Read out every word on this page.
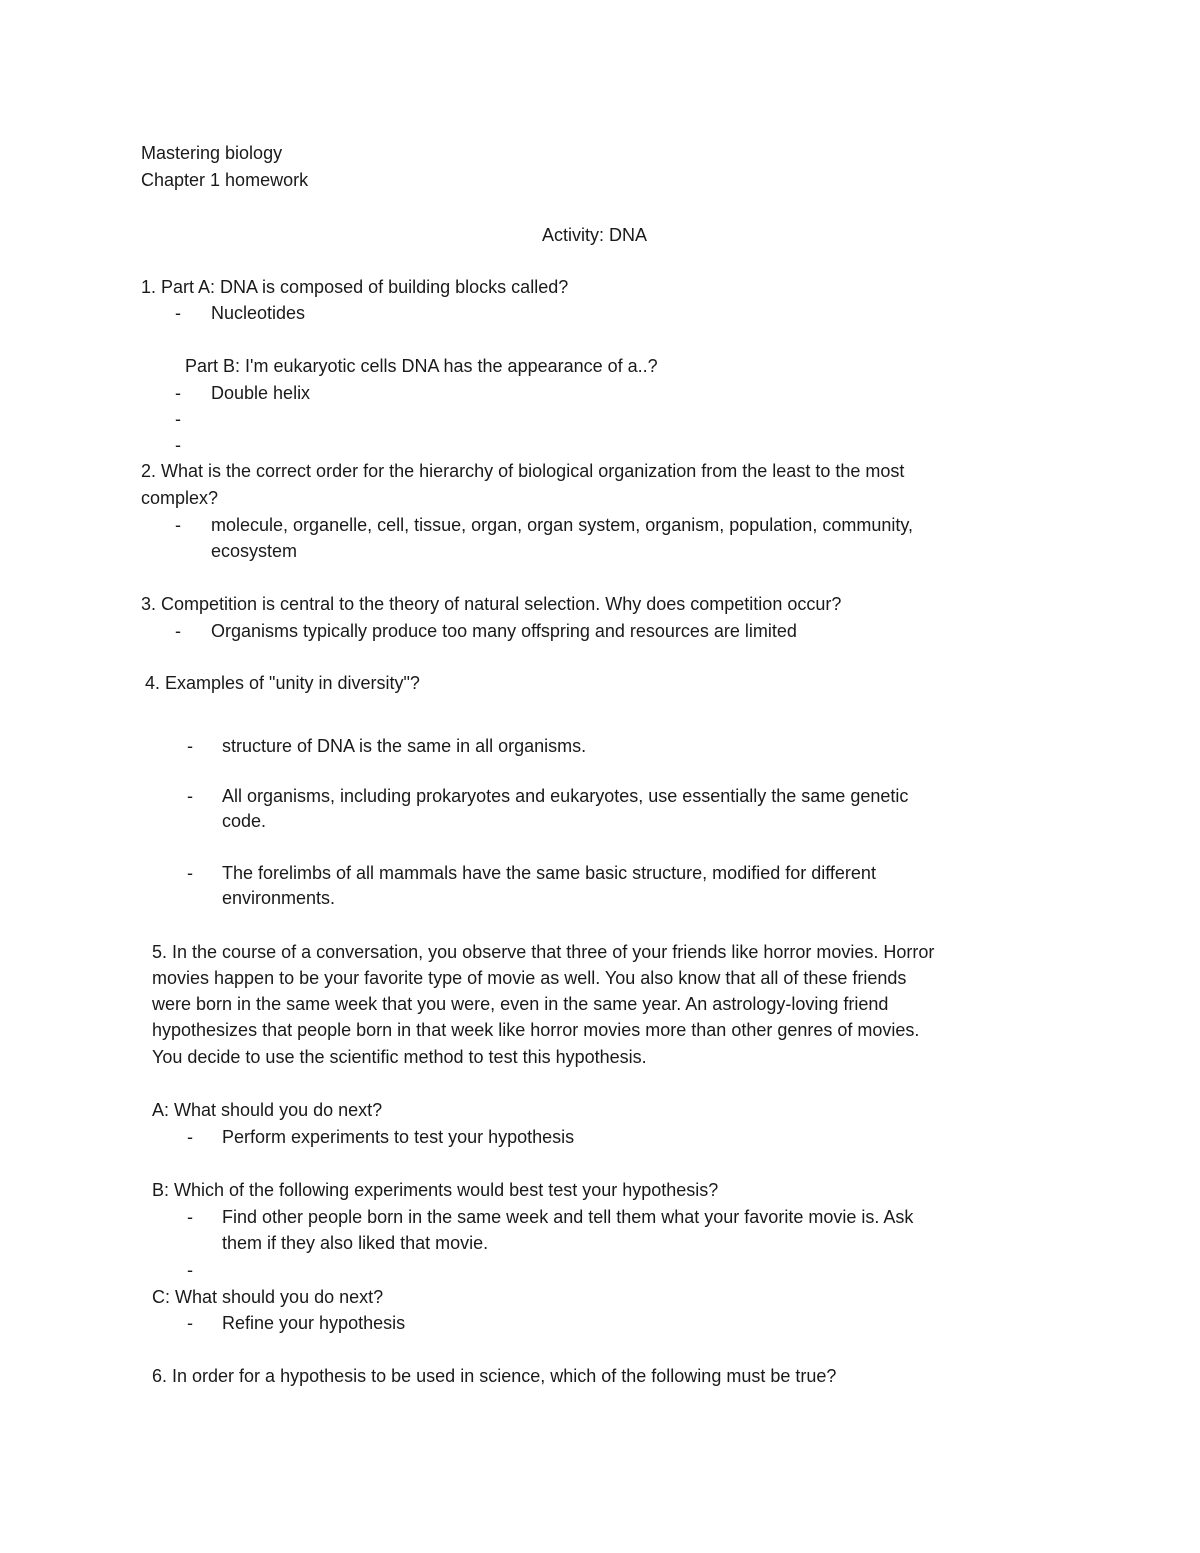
Mastering biology
Chapter 1 homework
Activity: DNA
1. Part A: DNA is composed of building blocks called?
- Nucleotides
Part B: I'm eukaryotic cells DNA has the appearance of a..?
- Double helix
-
-
2. What is the correct order for the hierarchy of biological organization from the least to the most
complex?
- molecule, organelle, cell, tissue, organ, organ system, organism, population, community,
ecosystem
3. Competition is central to the theory of natural selection. Why does competition occur?
- Organisms typically produce too many offspring and resources are limited
4. Examples of "unity in diversity"?
- structure of DNA is the same in all organisms.
- All organisms, including prokaryotes and eukaryotes, use essentially the same genetic
code.
- The forelimbs of all mammals have the same basic structure, modified for different
environments.
5. In the course of a conversation, you observe that three of your friends like horror movies. Horror
movies happen to be your favorite type of movie as well. You also know that all of these friends
were born in the same week that you were, even in the same year. An astrology-loving friend
hypothesizes that people born in that week like horror movies more than other genres of movies.
You decide to use the scientific method to test this hypothesis.
A: What should you do next?
- Perform experiments to test your hypothesis
B: Which of the following experiments would best test your hypothesis?
- Find other people born in the same week and tell them what your favorite movie is. Ask
them if they also liked that movie.
-
C: What should you do next?
- Refine your hypothesis
6. In order for a hypothesis to be used in science, which of the following must be true?
